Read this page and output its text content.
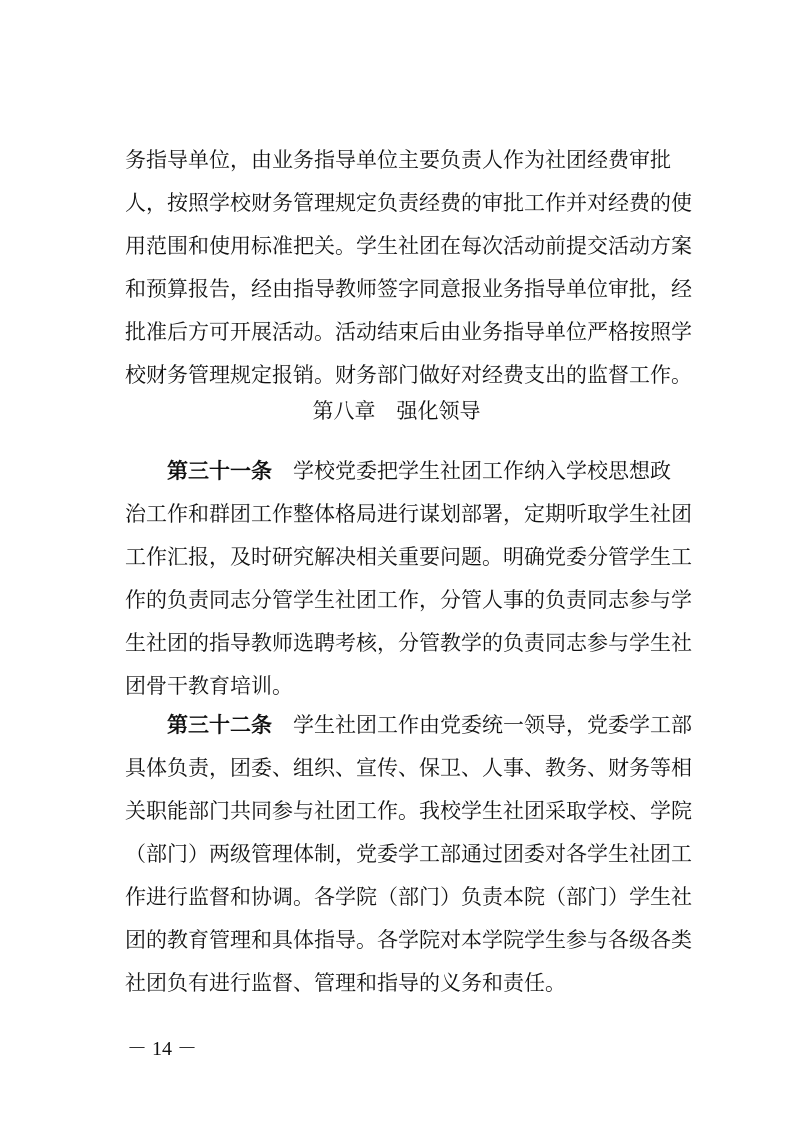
务指导单位，由业务指导单位主要负责人作为社团经费审批
人，按照学校财务管理规定负责经费的审批工作并对经费的使
用范围和使用标准把关。学生社团在每次活动前提交活动方案
和预算报告，经由指导教师签字同意报业务指导单位审批，经
批准后方可开展活动。活动结束后由业务指导单位严格按照学
校财务管理规定报销。财务部门做好对经费支出的监督工作。
第八章　强化领导
第三十一条　学校党委把学生社团工作纳入学校思想政
治工作和群团工作整体格局进行谋划部署，定期听取学生社团
工作汇报，及时研究解决相关重要问题。明确党委分管学生工
作的负责同志分管学生社团工作，分管人事的负责同志参与学
生社团的指导教师选聘考核，分管教学的负责同志参与学生社
团骨干教育培训。
第三十二条　学生社团工作由党委统一领导，党委学工部
具体负责，团委、组织、宣传、保卫、人事、教务、财务等相
关职能部门共同参与社团工作。我校学生社团采取学校、学院
（部门）两级管理体制，党委学工部通过团委对各学生社团工
作进行监督和协调。各学院（部门）负责本院（部门）学生社
团的教育管理和具体指导。各学院对本学院学生参与各级各类
社团负有进行监督、管理和指导的义务和责任。
－ 14 －
